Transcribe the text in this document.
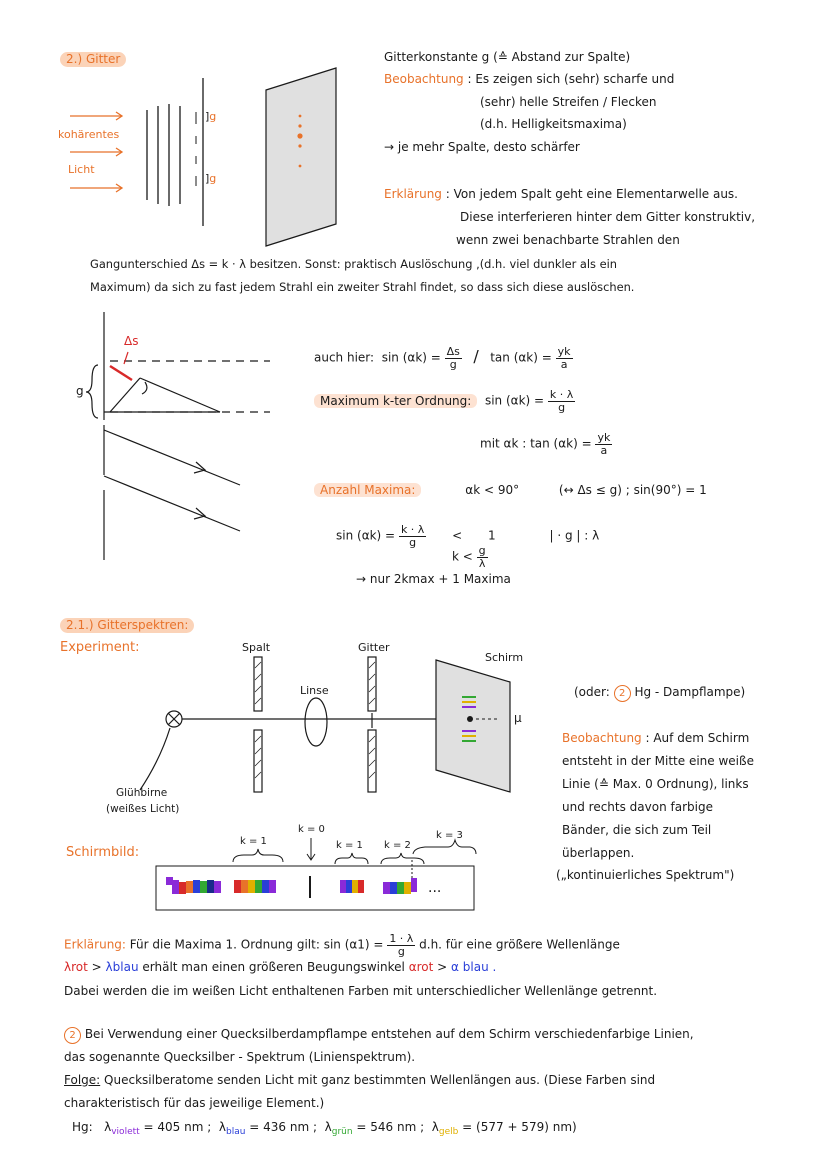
2.) Gitter
kohärentes
Licht
]g
]g
Gitterkonstante g (≙ Abstand zur Spalte)
Beobachtung : Es zeigen sich (sehr) scharfe und
(sehr) helle Streifen / Flecken
(d.h. Helligkeitsmaxima)
→ je mehr Spalte, desto schärfer
Erklärung : Von jedem Spalt geht eine Elementarwelle aus.
Diese interferieren hinter dem Gitter konstruktiv,
wenn zwei benachbarte Strahlen den
Gangunterschied Δs = k · λ besitzen. Sonst: praktisch Auslöschung ,(d.h. viel dunkler als ein
Maximum) da sich zu fast jedem Strahl ein zweiter Strahl findet, so dass sich diese auslöschen.
Δs
g
auch hier: $\sin (\alpha k) = \frac{\Delta s}{g} / \tan (\alpha k) = \frac{yk}{a}$
Maximum k-ter Ordnung: $\sin (\alpha k) = \frac{k \cdot \lambda}{g}$
mit αk : $\tan (\alpha k) = \frac{yk}{a}$
Anzahl Maxima:	αk < 90°	(↔ Δs ≤ g) ; sin(90°) = 1
$\sin (\alpha k) = \frac{k \cdot \lambda}{g} < 1$	| · g | : λ
$k < \frac{g}{\lambda}$
→ nur 2kmax + 1 Maxima
2.1.) Gitterspektren:
Experiment:	Spalt	Gitter
Schirm
Linse
μ
Glühbirne
(weißes Licht)
(oder: 2 Hg - Dampflampe)
Beobachtung : Auf dem Schirm
entsteht in der Mitte eine weiße
Linie (≙ Max. 0 Ordnung), links
und rechts davon farbige
Bänder, die sich zum Teil
überlappen.
(„kontinuierliches Spektrum")
Schirmbild:
k = 1
k = 0
k = 1 k = 2
k = 3
...
Erklärung: Für die Maxima 1. Ordnung gilt: $\sin (\alpha 1) = \frac{1 \cdot \lambda}{g} d.h$. für eine größere Wellenlänge
λrot > λblau erhält man einen größeren Beugungswinkel αrot > α blau .
Dabei werden die im weißen Licht enthaltenen Farben mit unterschiedlicher Wellenlänge getrennt.
2 Bei Verwendung einer Quecksilberdampflampe entstehen auf dem Schirm verschiedenfarbige Linien,
das sogenannte Quecksilber - Spektrum (Linienspektrum).
Folge: Quecksilberatome senden Licht mit ganz bestimmten Wellenlängen aus. (Diese Farben sind
charakteristisch für das jeweilige Element.)
Hg:   $\lambda_{violett} = 405$ nm ;  $\lambda_{blau} = 436$ nm ;  $\lambda_{grün} = 546$ nm ;  $\lambda_{gelb} = (577 + 579)$ nm)
